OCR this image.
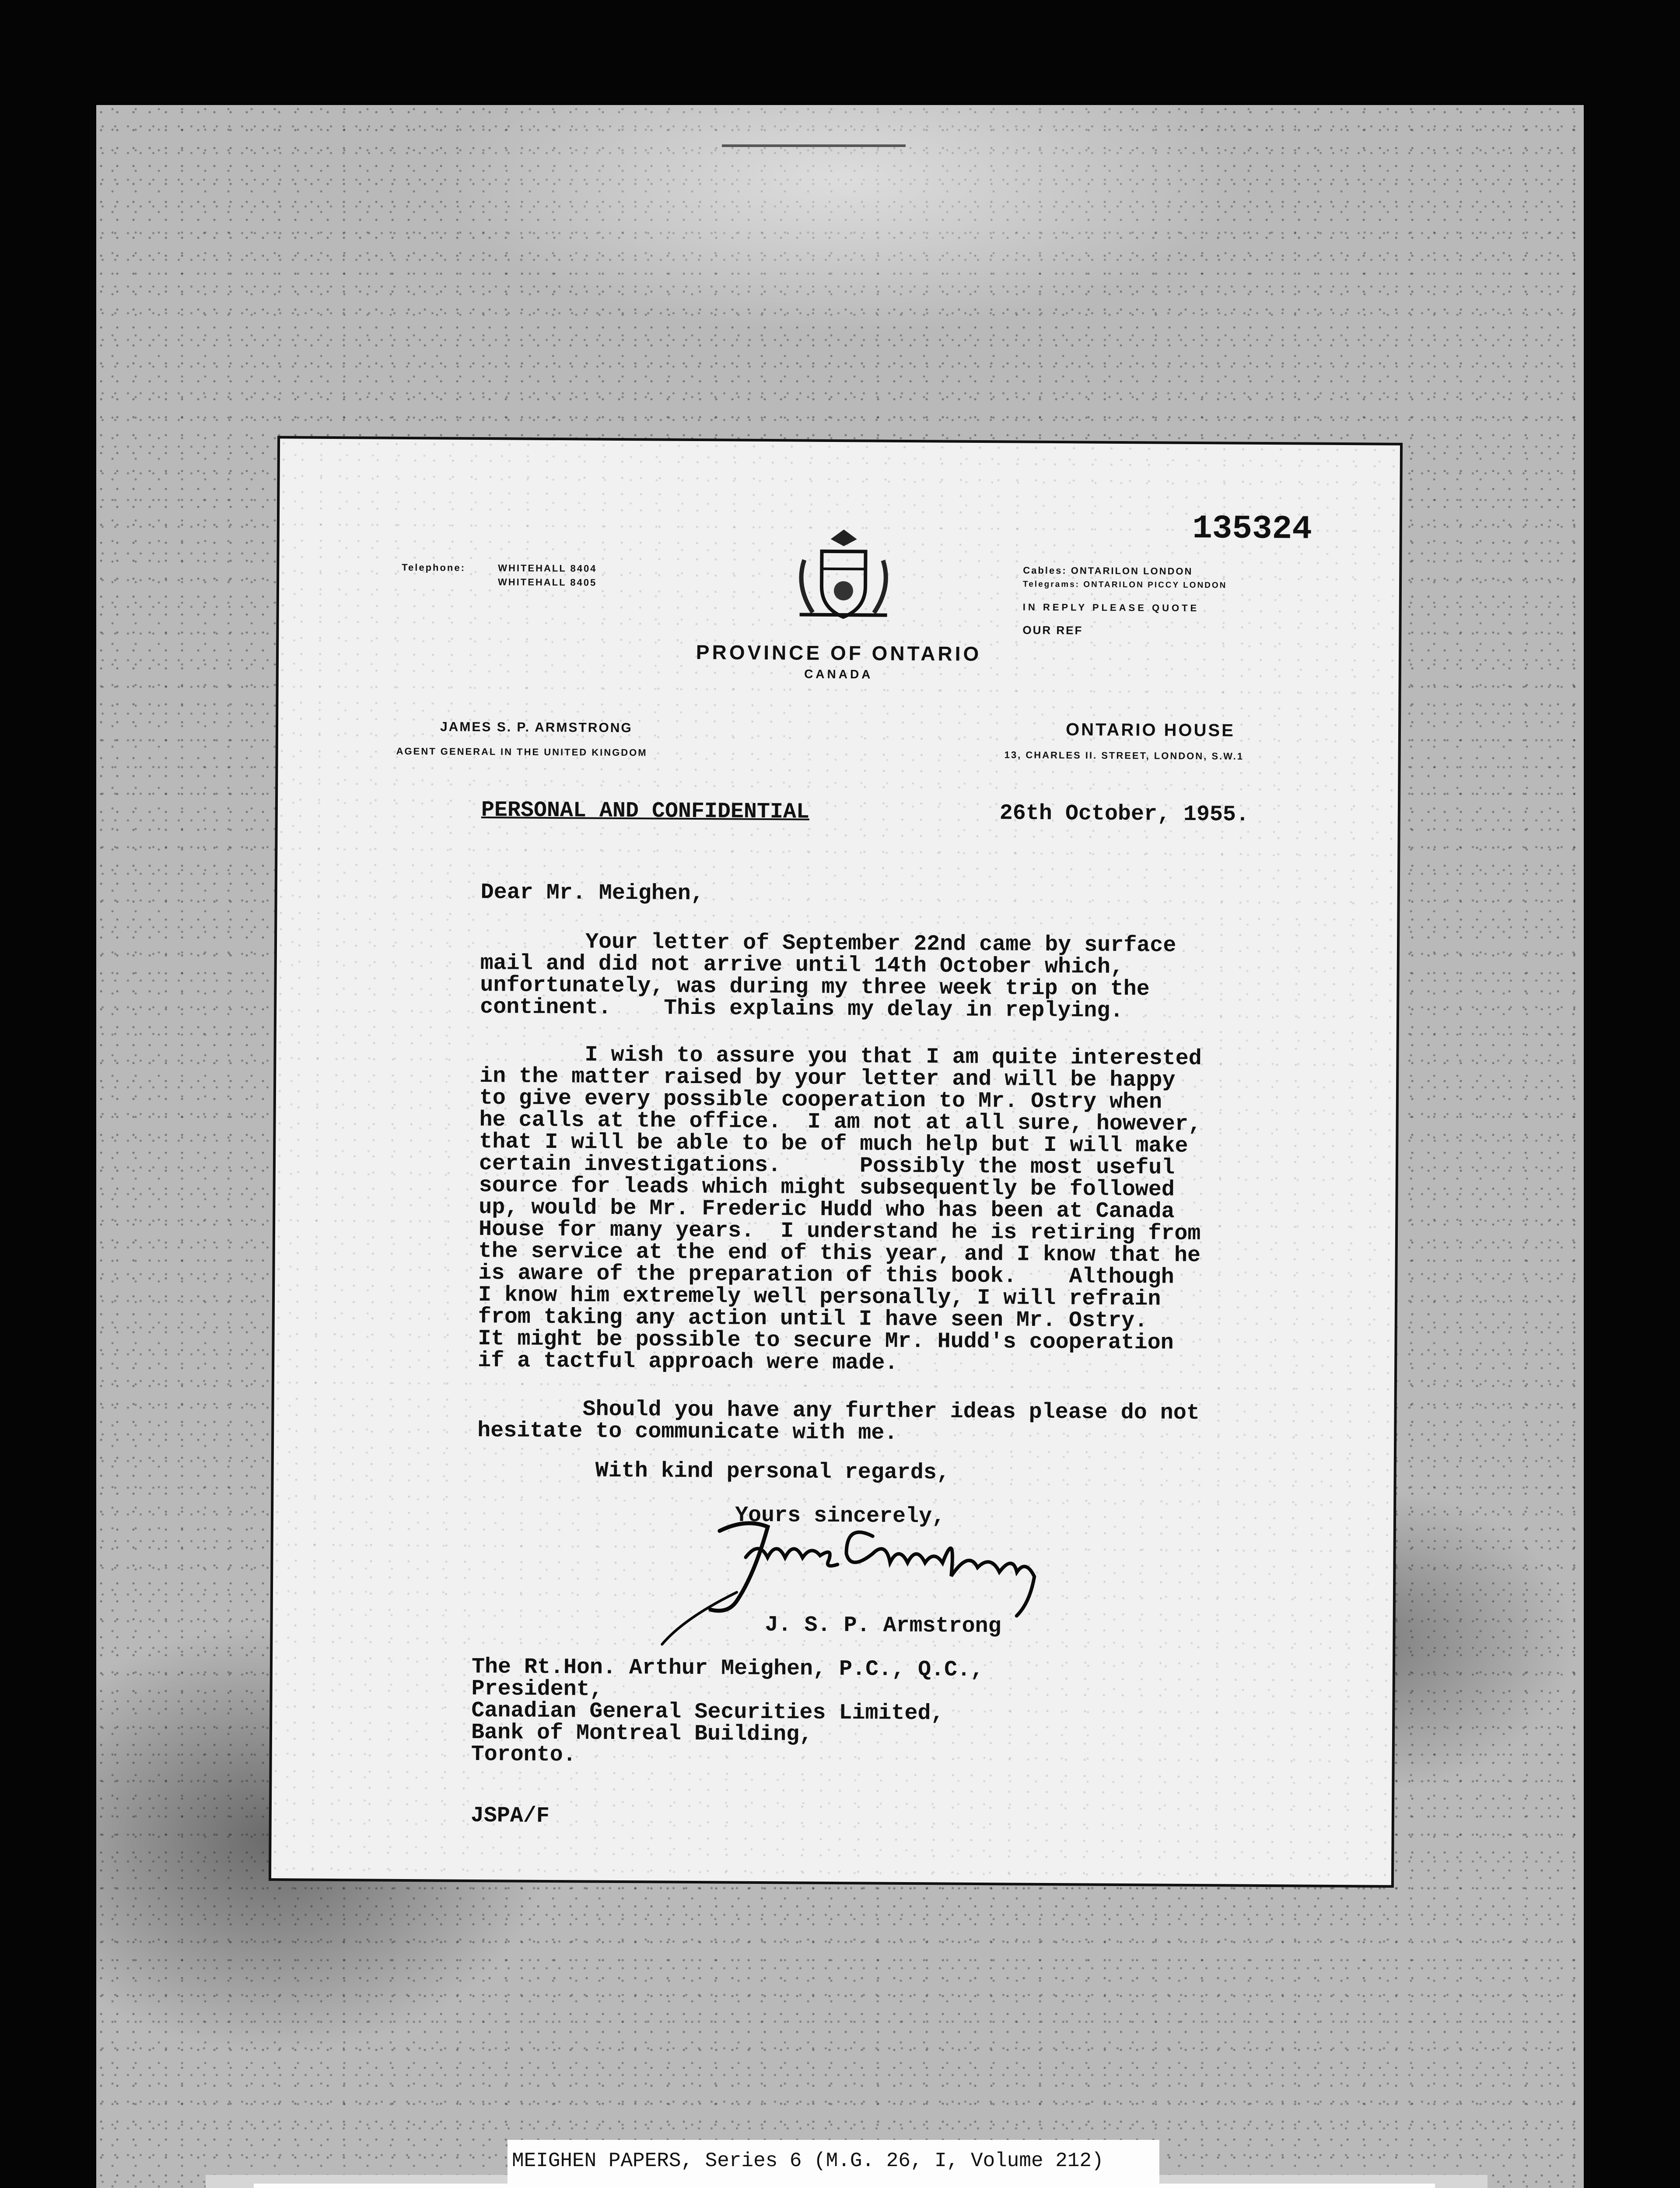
135324
Telephone:	WHITEHALL 8404
WHITEHALL 8405
Cables: ONTARILON LONDON
Telegrams: ONTARILON PICCY LONDON
IN REPLY PLEASE QUOTE
OUR REF
PROVINCE OF ONTARIO
CANADA
JAMES S. P. ARMSTRONG
AGENT GENERAL IN THE UNITED KINGDOM
ONTARIO HOUSE
13, CHARLES II. STREET, LONDON, S.W.1
PERSONAL AND CONFIDENTIAL	26th October, 1955.
Dear Mr. Meighen,
Your letter of September 22nd came by surface
mail and did not arrive until 14th October which,
unfortunately, was during my three week trip on the
continent.    This explains my delay in replying.
I wish to assure you that I am quite interested
in the matter raised by your letter and will be happy
to give every possible cooperation to Mr. Ostry when
he calls at the office.  I am not at all sure, however,
that I will be able to be of much help but I will make
certain investigations.      Possibly the most useful
source for leads which might subsequently be followed
up, would be Mr. Frederic Hudd who has been at Canada
House for many years.  I understand he is retiring from
the service at the end of this year, and I know that he
is aware of the preparation of this book.    Although
I know him extremely well personally, I will refrain
from taking any action until I have seen Mr. Ostry.
It might be possible to secure Mr. Hudd's cooperation
if a tactful approach were made.
Should you have any further ideas please do not
hesitate to communicate with me.
With kind personal regards,
Yours sincerely,
J. S. P. Armstrong
The Rt.Hon. Arthur Meighen, P.C., Q.C.,
President,
Canadian General Securities Limited,
Bank of Montreal Building,
Toronto.
JSPA/F
MEIGHEN PAPERS, Series 6 (M.G. 26, I, Volume 212)
